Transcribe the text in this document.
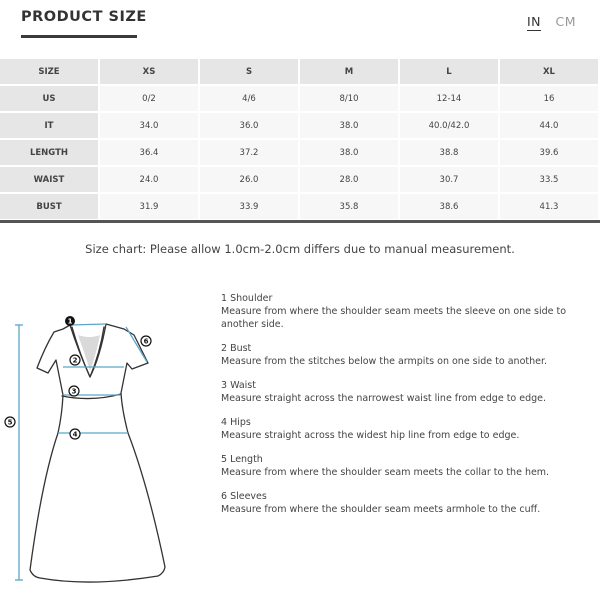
PRODUCT SIZE	IN CM
SIZE	XS	S	M	L	XL
US	0/2	4/6	8/10	12-14	16
IT	34.0	36.0	38.0	40.0/42.0	44.0
LENGTH	36.4	37.2	38.0	38.8	39.6
WAIST	24.0	26.0	28.0	30.7	33.5
BUST	31.9	33.9	35.8	38.6	41.3
Size chart: Please allow 1.0cm-2.0cm differs due to manual measurement.
1
2
3
4
5
6
1 Shoulder
Measure from where the shoulder seam meets the sleeve on one side to another side.
2 Bust
Measure from the stitches below the armpits on one side to another.
3 Waist
Measure straight across the narrowest waist line from edge to edge.
4 Hips
Measure straight across the widest hip line from edge to edge.
5 Length
Measure from where the shoulder seam meets the collar to the hem.
6 Sleeves
Measure from where the shoulder seam meets armhole to the cuff.
